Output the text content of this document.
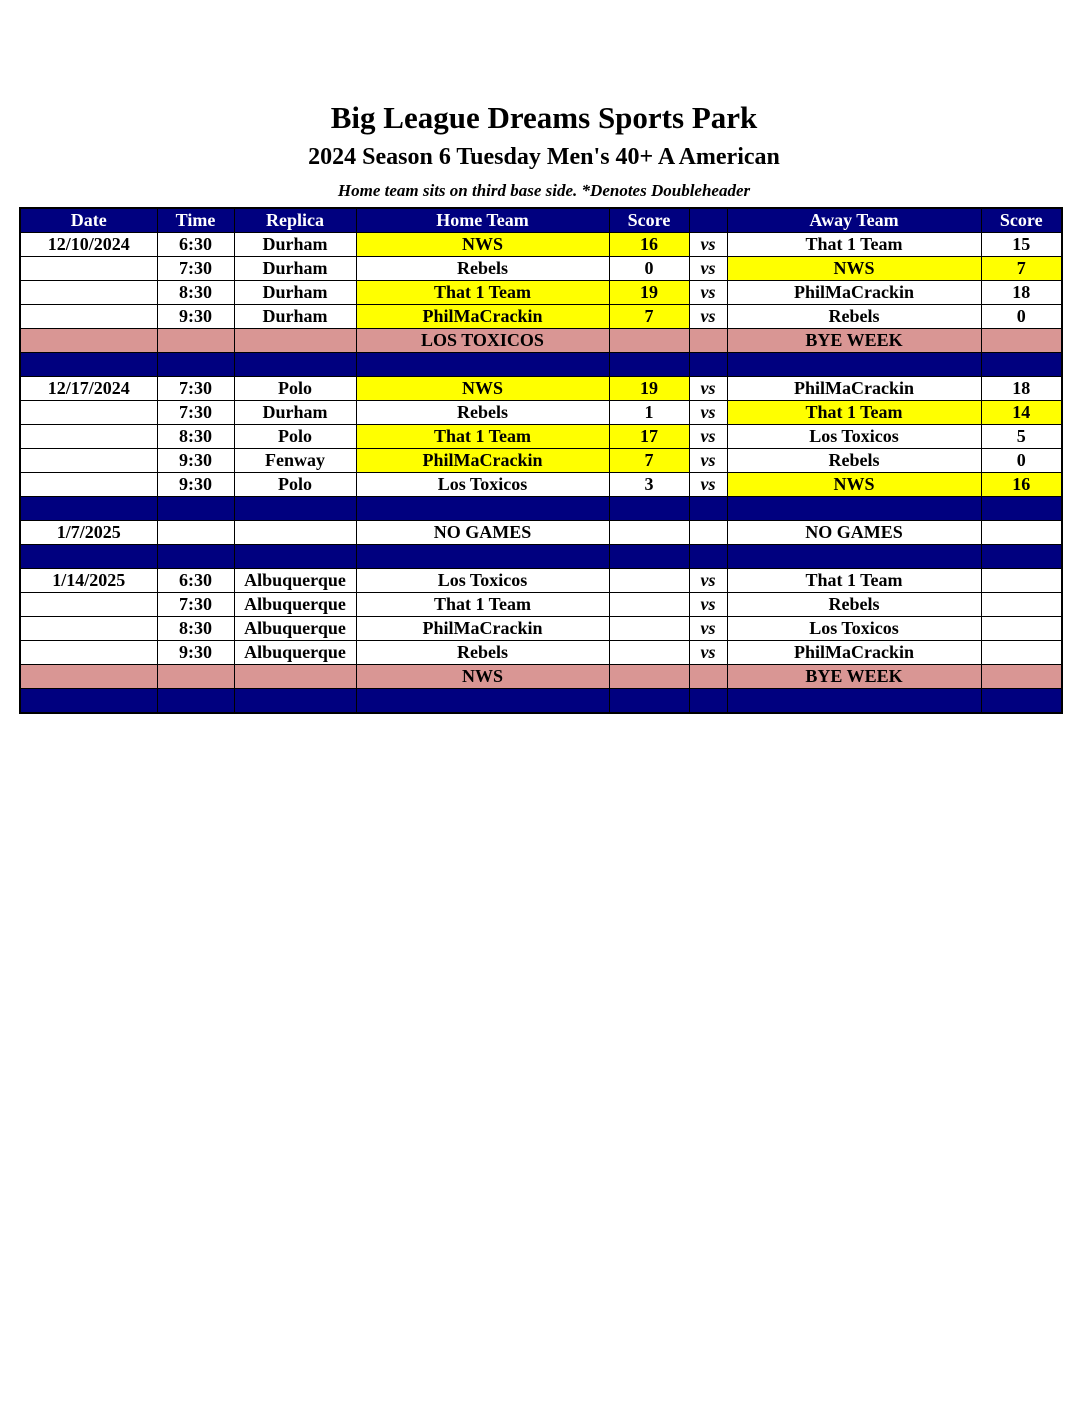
Big League Dreams Sports Park
2024 Season 6 Tuesday Men's 40+ A American
Home team sits on third base side. *Denotes Doubleheader
Date	Time	Replica	Home Team	Score		Away Team	Score
12/10/2024	6:30	Durham	NWS	16	vs	That 1 Team	15
	7:30	Durham	Rebels	0	vs	NWS	7
	8:30	Durham	That 1 Team	19	vs	PhilMaCrackin	18
	9:30	Durham	PhilMaCrackin	7	vs	Rebels	0
			LOS TOXICOS			BYE WEEK	

12/17/2024	7:30	Polo	NWS	19	vs	PhilMaCrackin	18
	7:30	Durham	Rebels	1	vs	That 1 Team	14
	8:30	Polo	That 1 Team	17	vs	Los Toxicos	5
	9:30	Fenway	PhilMaCrackin	7	vs	Rebels	0
	9:30	Polo	Los Toxicos	3	vs	NWS	16

1/7/2025			NO GAMES			NO GAMES	

1/14/2025	6:30	Albuquerque	Los Toxicos		vs	That 1 Team	
	7:30	Albuquerque	That 1 Team		vs	Rebels	
	8:30	Albuquerque	PhilMaCrackin		vs	Los Toxicos	
	9:30	Albuquerque	Rebels		vs	PhilMaCrackin	
			NWS			BYE WEEK	
